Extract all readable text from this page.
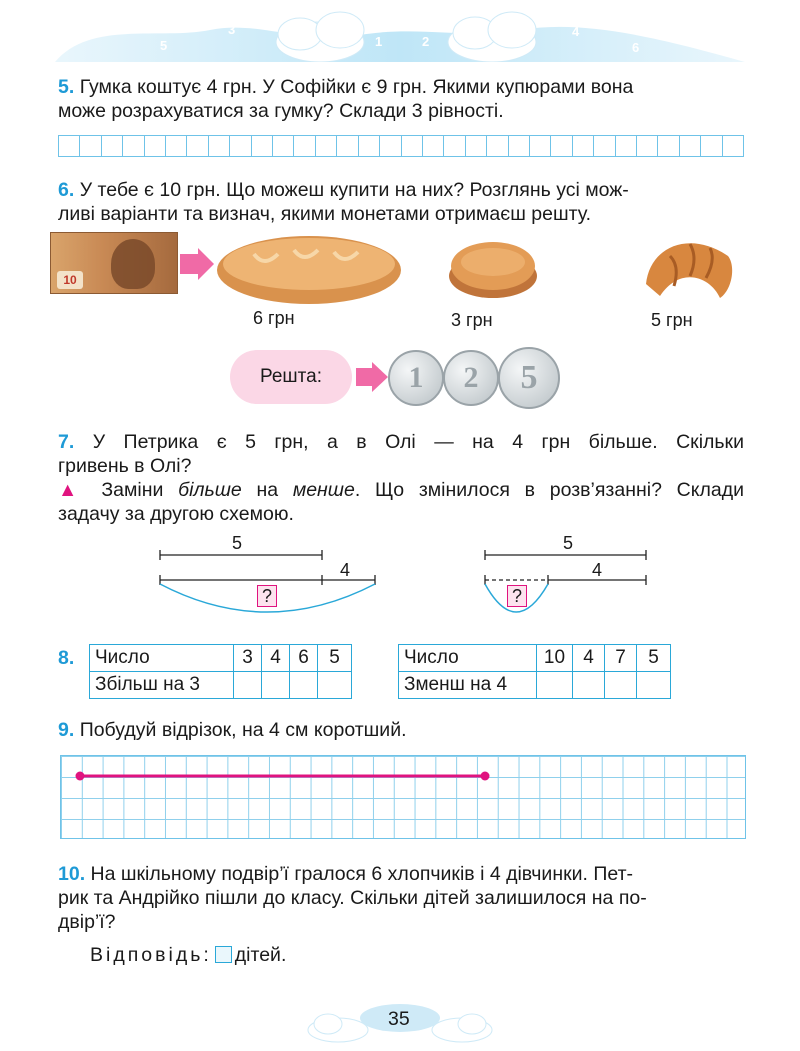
7
5
3
1
0
2
4
6
8
5. Гумка коштує 4 грн. У Софійки є 9 грн. Якими купюрами вона
може розрахуватися за гумку? Склади 3 рівності.
6. У тебе є 10 грн. Що можеш купити на них? Розглянь усі мож-
ливі варіанти та визнач, якими монетами отримаєш решту.
10
6 грн	3 грн	5 грн
Решта:	1	2	5
7. У Петрика є 5 грн, а в Олі — на 4 грн більше. Скільки
гривень в Олі?
▲ Заміни більше на менше. Що змінилося в розв’язанні? Склади
задачу за другою схемою.
5
4
?
5
4
?
8. Число	3	4	6	5
Збільш на 3				
Число	10	4	7	5
Зменш на 4				
9. Побудуй відрізок, на 4 см коротший.
10. На шкільному подвір’ї гралося 6 хлопчиків і 4 дівчинки. Пет-
рик та Андрійко пішли до класу. Скільки дітей залишилося на по-
двір’ї?
Відповідь: дітей.
35
